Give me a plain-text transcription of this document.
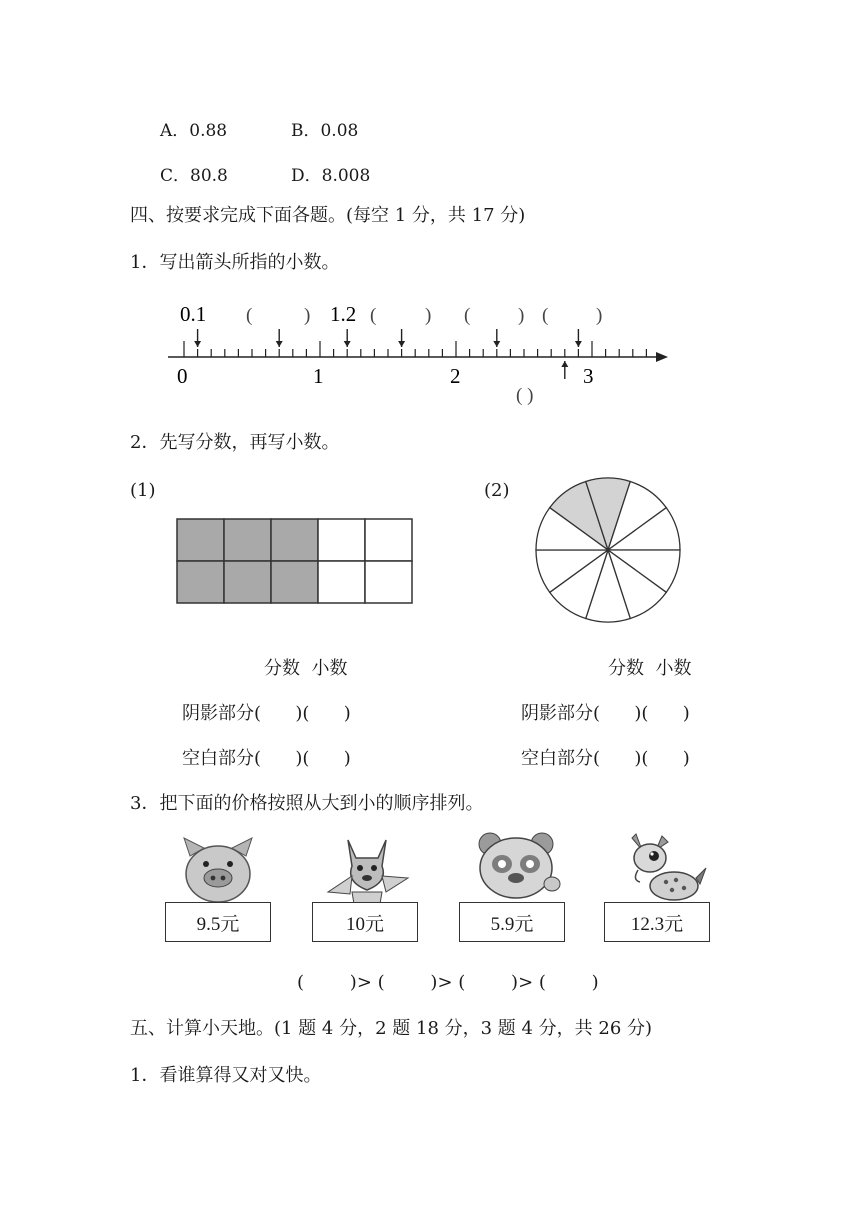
A．0.88	B．0.08
C．80.8	D．8.008
四、按要求完成下面各题。(每空 1 分，共 17 分)
1．写出箭头所指的小数。
0.1 (	) 1.2 (	) (	) (	)
0	1	2	3
( )
2．先写分数，再写小数。
(1)	(2)
分数  小数	分数  小数
阴影部分(      )(      )	阴影部分(      )(      )
空白部分(      )(      )	空白部分(      )(      )
3．把下面的价格按照从大到小的顺序排列。
9.5元	10元	5.9元	12.3元
(        )> (        )> (        )> (        )
五、计算小天地。(1 题 4 分，2 题 18 分，3 题 4 分，共 26 分)
1．看谁算得又对又快。
